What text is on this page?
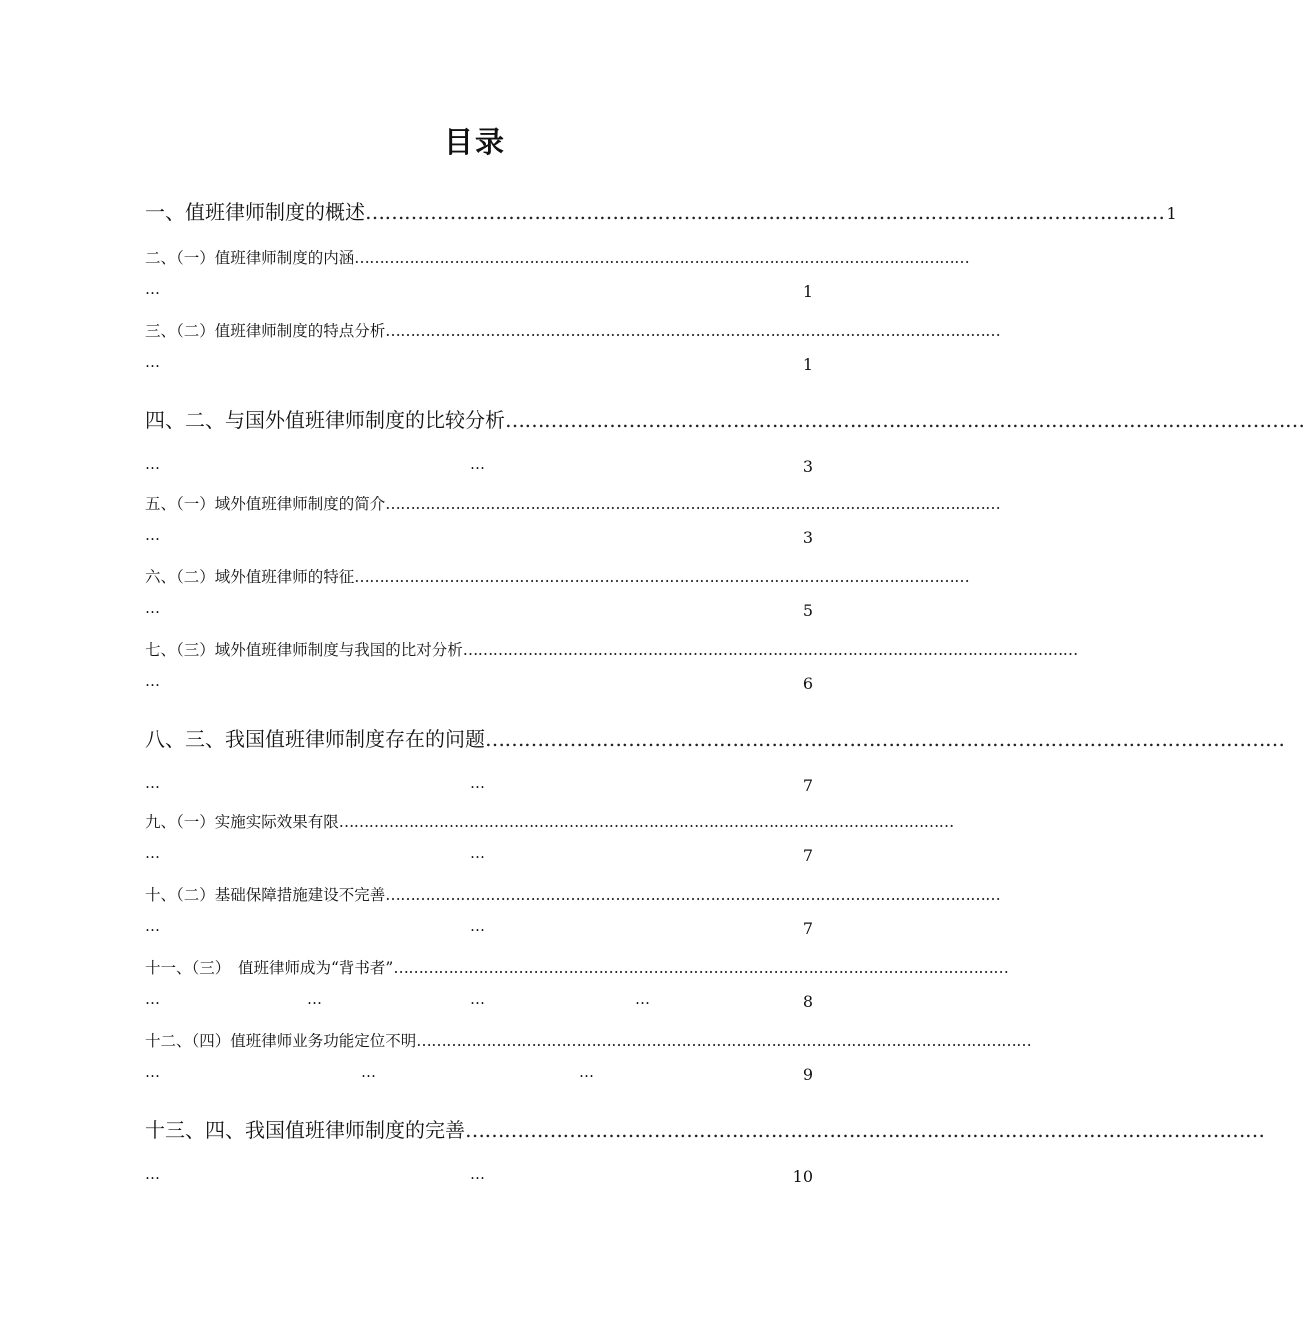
目录
一、值班律师制度的概述 …………………………………………………………………………………………………………… 1
二、（一）值班律师制度的内涵 ……………………………………………………………………………………………………………
…	1
三、（二）值班律师制度的特点分析 ……………………………………………………………………………………………………………
…	1
四、二、与国外值班律师制度的比较分析 ……………………………………………………………………………………………………………
…	…	3
五、（一）域外值班律师制度的简介 ……………………………………………………………………………………………………………
…	3
六、（二）域外值班律师的特征 ……………………………………………………………………………………………………………
…	5
七、（三）域外值班律师制度与我国的比对分析 ……………………………………………………………………………………………………………
…	6
八、三、我国值班律师制度存在的问题 ……………………………………………………………………………………………………………
…	…	7
九、（一）实施实际效果有限 ……………………………………………………………………………………………………………
…	…	7
十、（二）基础保障措施建设不完善 ……………………………………………………………………………………………………………
…	…	7
十一、（三）　值班律师成为“背书者” ……………………………………………………………………………………………………………
…	…	…	…	8
十二、（四）值班律师业务功能定位不明 ……………………………………………………………………………………………………………
…	…	…	9
十三、四、我国值班律师制度的完善 ……………………………………………………………………………………………………………
…	…	10
